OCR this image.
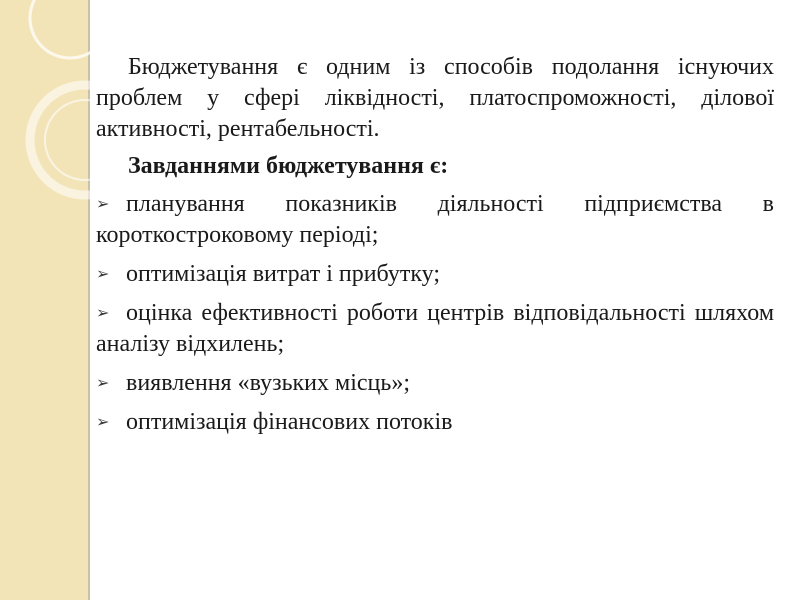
Бюджетування є одним із способів подолання існуючих проблем у сфері ліквідності, платоспроможності, ділової активності, рентабельності.

Завданнями бюджетування є:

➢ планування показників діяльності підприємства в короткостроковому періоді;
➢ оптимізація витрат і прибутку;
➢ оцінка ефективності роботи центрів відповідальності шляхом аналізу відхилень;
➢ виявлення «вузьких місць»;
➢ оптимізація фінансових потоків
